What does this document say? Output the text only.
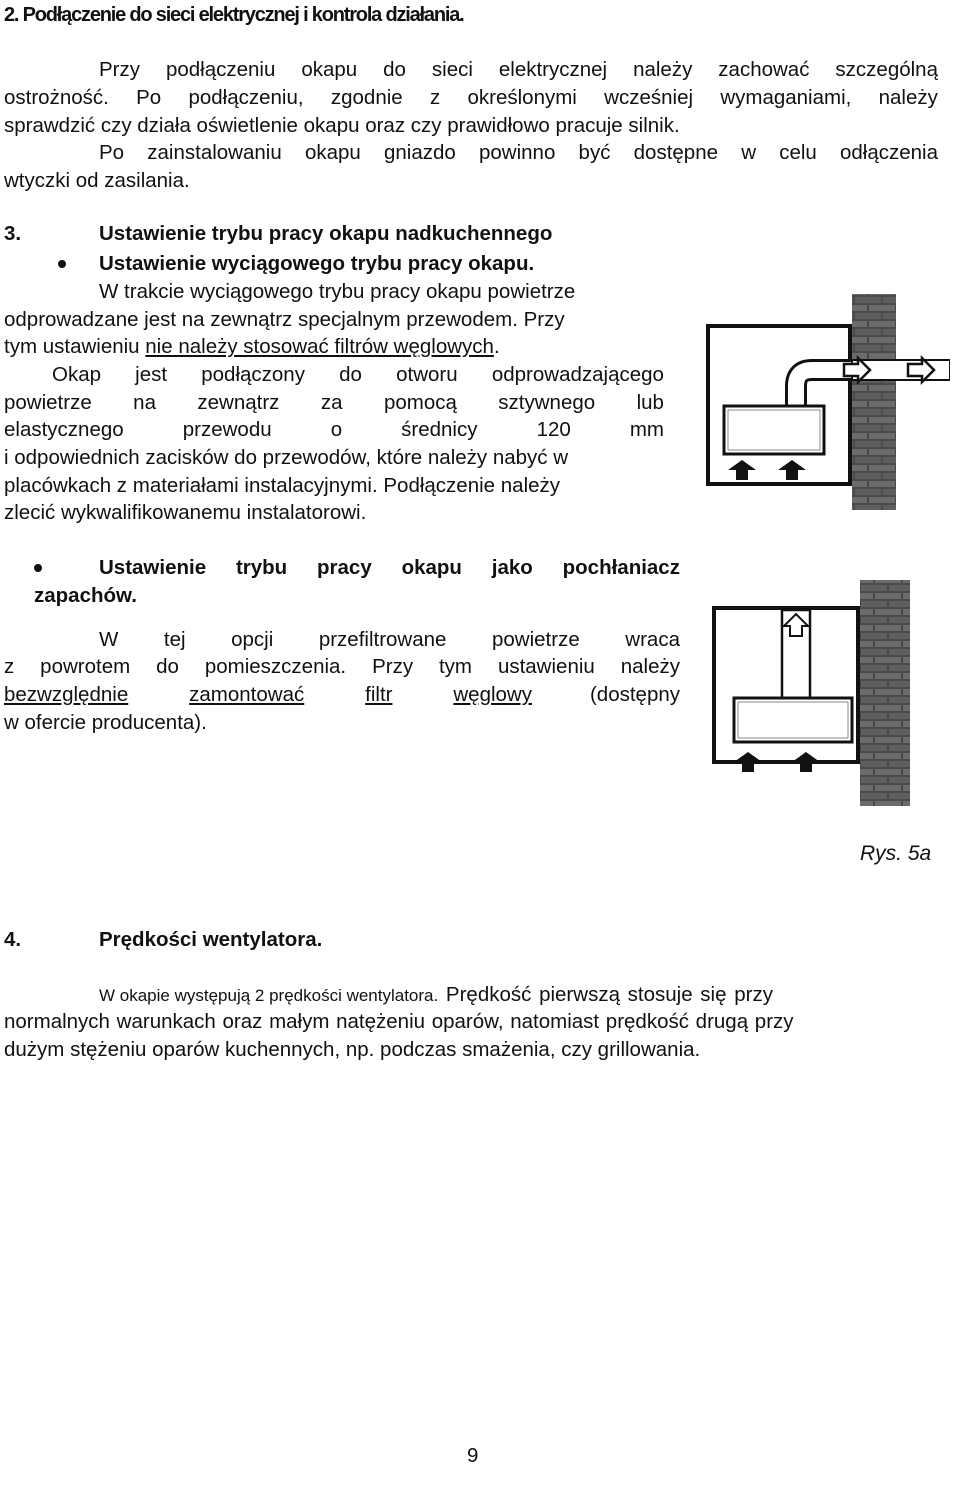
2. Podłączenie do sieci elektrycznej i kontrola działania.
Przy podłączeniu okapu do sieci elektrycznej należy zachować szczególną
ostrożność. Po podłączeniu, zgodnie z określonymi wcześniej wymaganiami, należy
sprawdzić czy działa oświetlenie okapu oraz czy prawidłowo pracuje silnik.
Po zainstalowaniu okapu gniazdo powinno być dostępne w celu odłączenia
wtyczki od zasilania.
3.	Ustawienie trybu pracy okapu nadkuchennego
Ustawienie wyciągowego trybu pracy okapu.
W trakcie wyciągowego trybu pracy okapu powietrze
odprowadzane jest na zewnątrz specjalnym przewodem. Przy
tym ustawieniu nie należy stosować filtrów węglowych.
Okap jest podłączony do otworu odprowadzającego
powietrze na zewnątrz za pomocą sztywnego lub
elastycznego	przewodu	o	średnicy	120	mm
i odpowiednich zacisków do przewodów, które należy nabyć w
placówkach z materiałami instalacyjnymi. Podłączenie należy
zlecić wykwalifikowanemu instalatorowi.
Ustawienie trybu pracy okapu jako pochłaniacz
zapachów.
W tej opcji przefiltrowane powietrze wraca
z powrotem do pomieszczenia. Przy tym ustawieniu należy
bezwzględnie	zamontować	filtr	węglowy	(dostępny
w ofercie producenta).
Rys. 5a
4.	Prędkości wentylatora.
W okapie występują 2 prędkości wentylatora. Prędkość pierwszą stosuje się przy
normalnych warunkach oraz małym natężeniu oparów, natomiast prędkość drugą przy
dużym stężeniu oparów kuchennych, np. podczas smażenia, czy grillowania.
9
